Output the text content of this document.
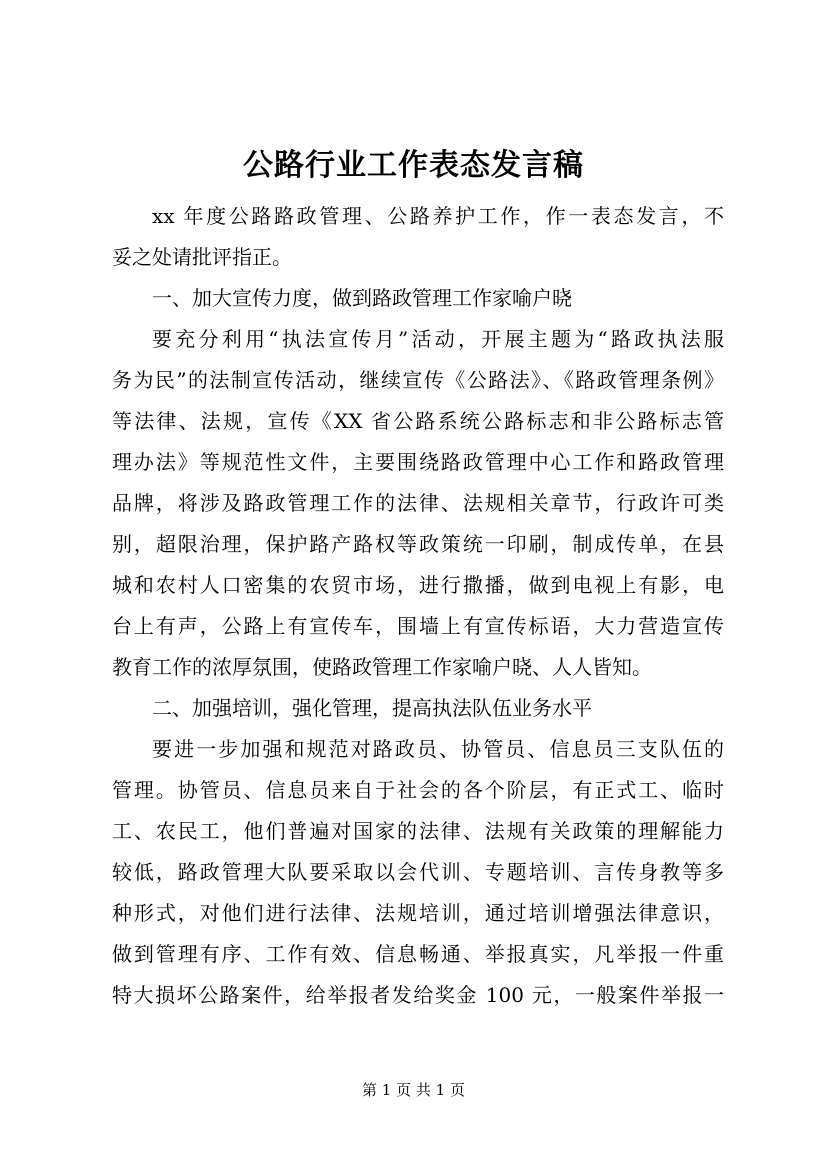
公路行业工作表态发言稿
xx 年度公路路政管理、公路养护工作，作一表态发言，不
妥之处请批评指正。
一、加大宣传力度，做到路政管理工作家喻户晓
要充分利用“执法宣传月”活动，开展主题为“路政执法服
务为民”的法制宣传活动，继续宣传《公路法》、《路政管理条例》
等法律、法规，宣传《XX 省公路系统公路标志和非公路标志管
理办法》等规范性文件，主要围绕路政管理中心工作和路政管理
品牌，将涉及路政管理工作的法律、法规相关章节，行政许可类
别，超限治理，保护路产路权等政策统一印刷，制成传单，在县
城和农村人口密集的农贸市场，进行撒播，做到电视上有影，电
台上有声，公路上有宣传车，围墙上有宣传标语，大力营造宣传
教育工作的浓厚氛围，使路政管理工作家喻户晓、人人皆知。
二、加强培训，强化管理，提高执法队伍业务水平
要进一步加强和规范对路政员、协管员、信息员三支队伍的
管理。协管员、信息员来自于社会的各个阶层，有正式工、临时
工、农民工，他们普遍对国家的法律、法规有关政策的理解能力
较低，路政管理大队要采取以会代训、专题培训、言传身教等多
种形式，对他们进行法律、法规培训，通过培训增强法律意识，
做到管理有序、工作有效、信息畅通、举报真实，凡举报一件重
特大损坏公路案件，给举报者发给奖金 100 元，一般案件举报一
第 1 页 共 1 页
